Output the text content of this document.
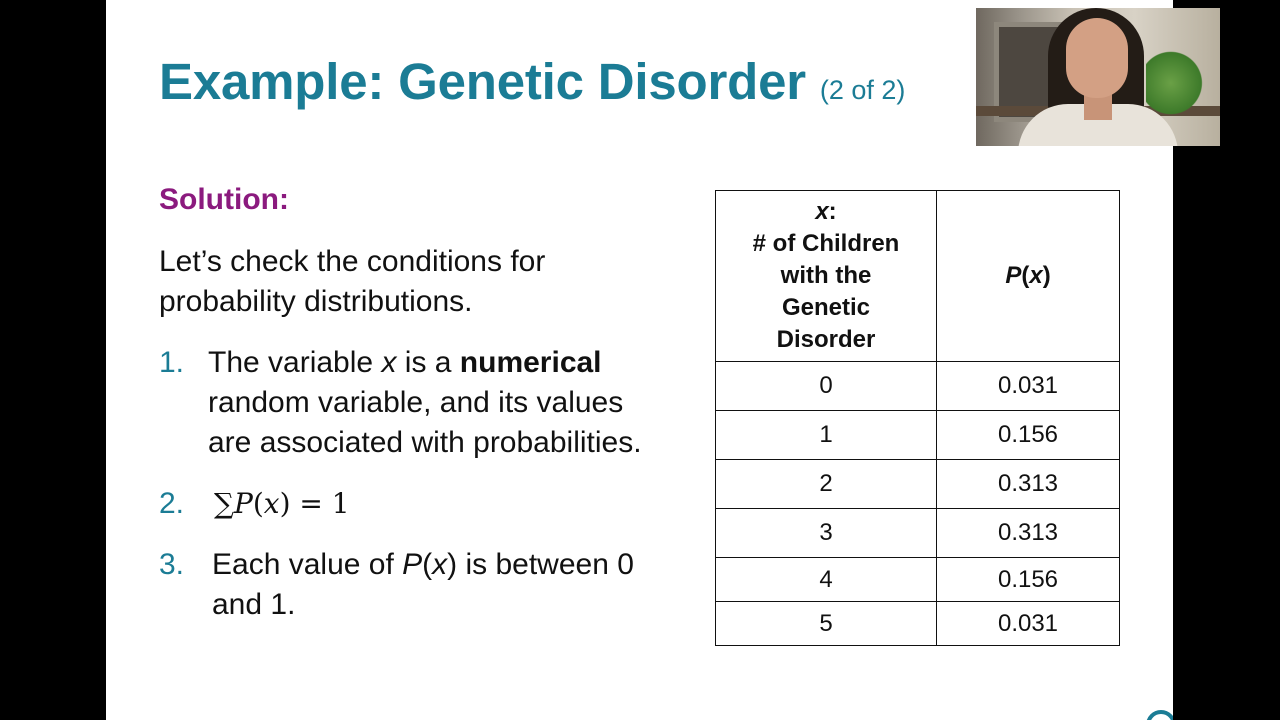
Example: Genetic Disorder (2 of 2)
Solution:
Let’s check the conditions for probability distributions.
1. The variable x is a numerical
random variable, and its values
are associated with probabilities.
2. ∑P(x) = 1
3. Each value of P(x) is between 0
and 1.
x:
# of Children
with the
Genetic
Disorder	P(x)
0	0.031
1	0.156
2	0.313
3	0.313
4	0.156
5	0.031
